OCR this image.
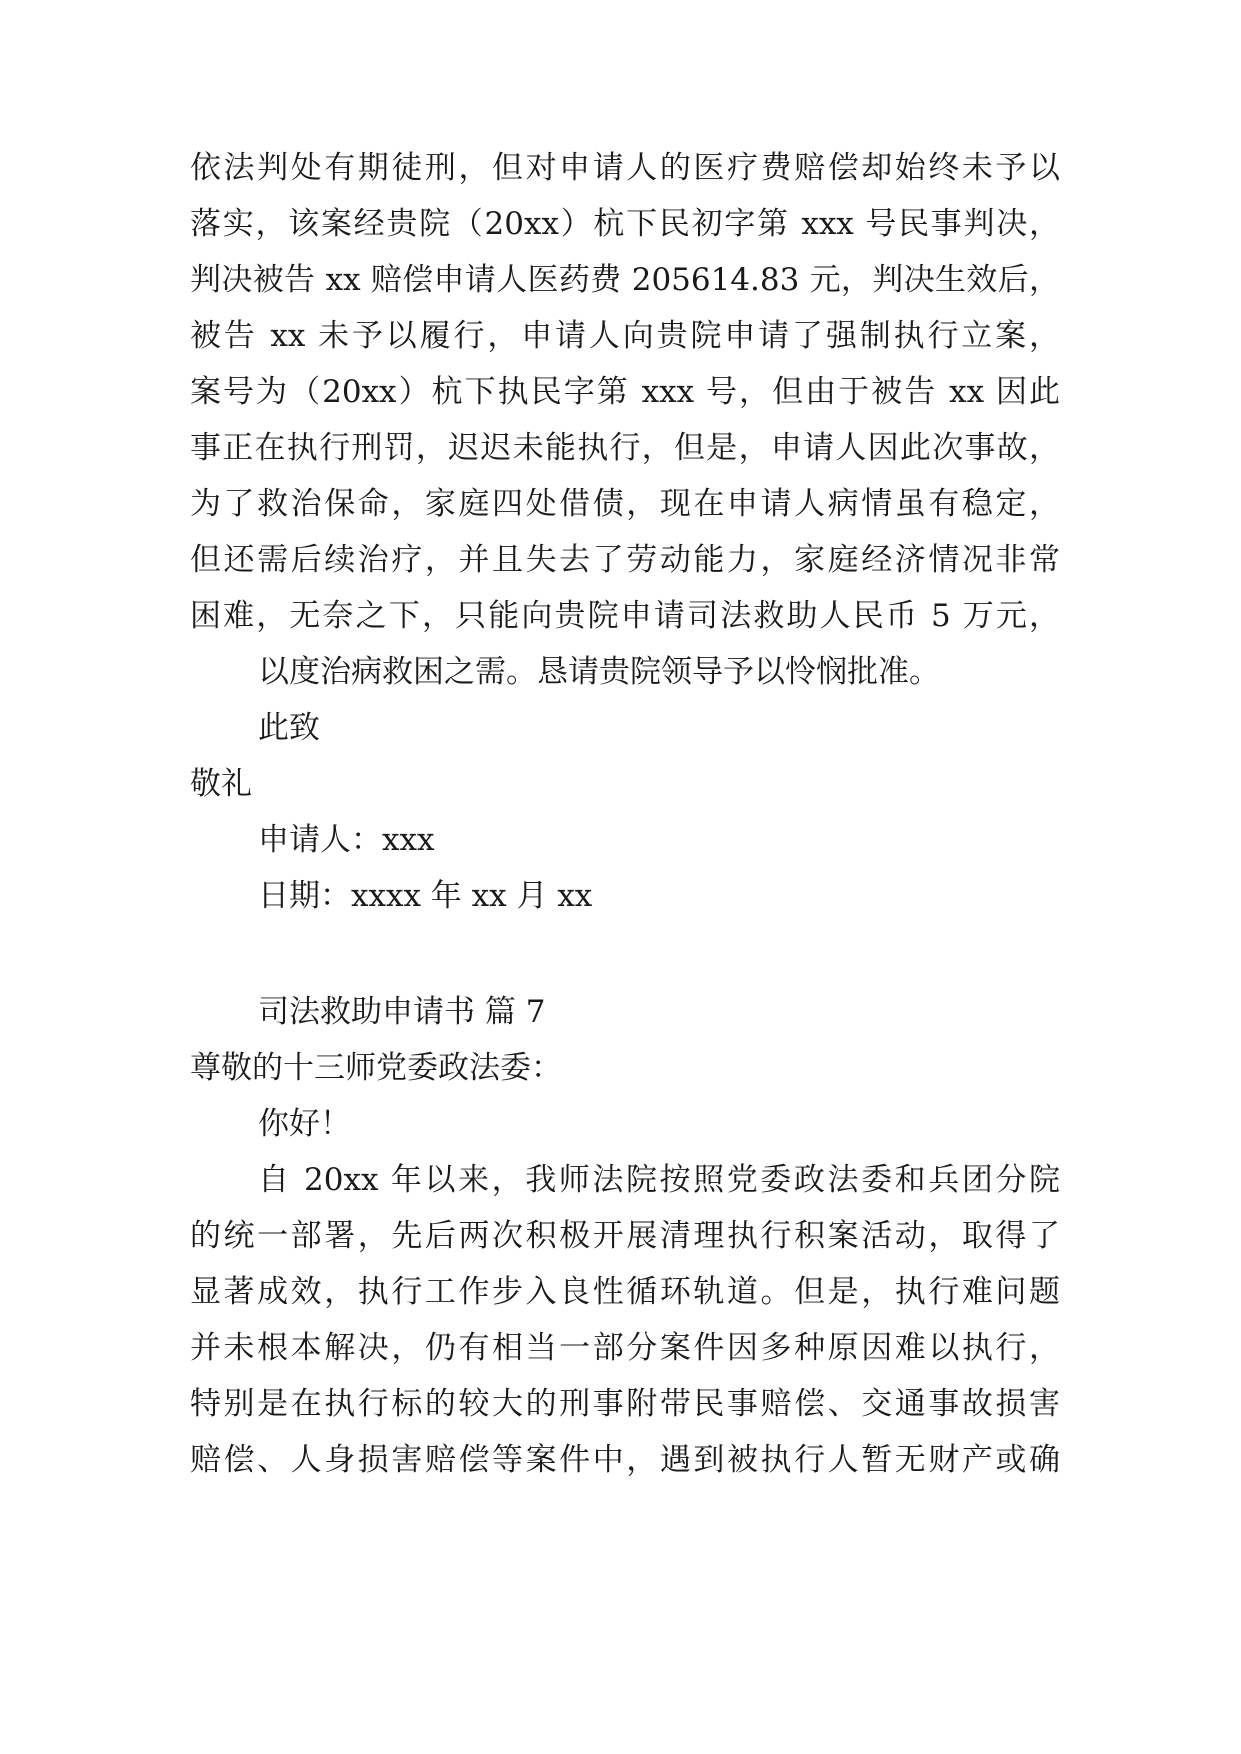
依法判处有期徒刑，但对申请人的医疗费赔偿却始终未予以
落实，该案经贵院（20xx）杭下民初字第 xxx 号民事判决，
判决被告 xx 赔偿申请人医药费 205614.83 元，判决生效后，
被告 xx 未予以履行，申请人向贵院申请了强制执行立案，
案号为（20xx）杭下执民字第 xxx 号，但由于被告 xx 因此
事正在执行刑罚，迟迟未能执行，但是，申请人因此次事故，
为了救治保命，家庭四处借债，现在申请人病情虽有稳定，
但还需后续治疗，并且失去了劳动能力，家庭经济情况非常
困难，无奈之下，只能向贵院申请司法救助人民币 5 万元，
以度治病救困之需。恳请贵院领导予以怜悯批准。
此致
敬礼
申请人：xxx
日期：xxxx 年 xx 月 xx
司法救助申请书 篇 7
尊敬的十三师党委政法委：
你好！
自 20xx 年以来，我师法院按照党委政法委和兵团分院
的统一部署，先后两次积极开展清理执行积案活动，取得了
显著成效，执行工作步入良性循环轨道。但是，执行难问题
并未根本解决，仍有相当一部分案件因多种原因难以执行，
特别是在执行标的较大的刑事附带民事赔偿、交通事故损害
赔偿、人身损害赔偿等案件中，遇到被执行人暂无财产或确
